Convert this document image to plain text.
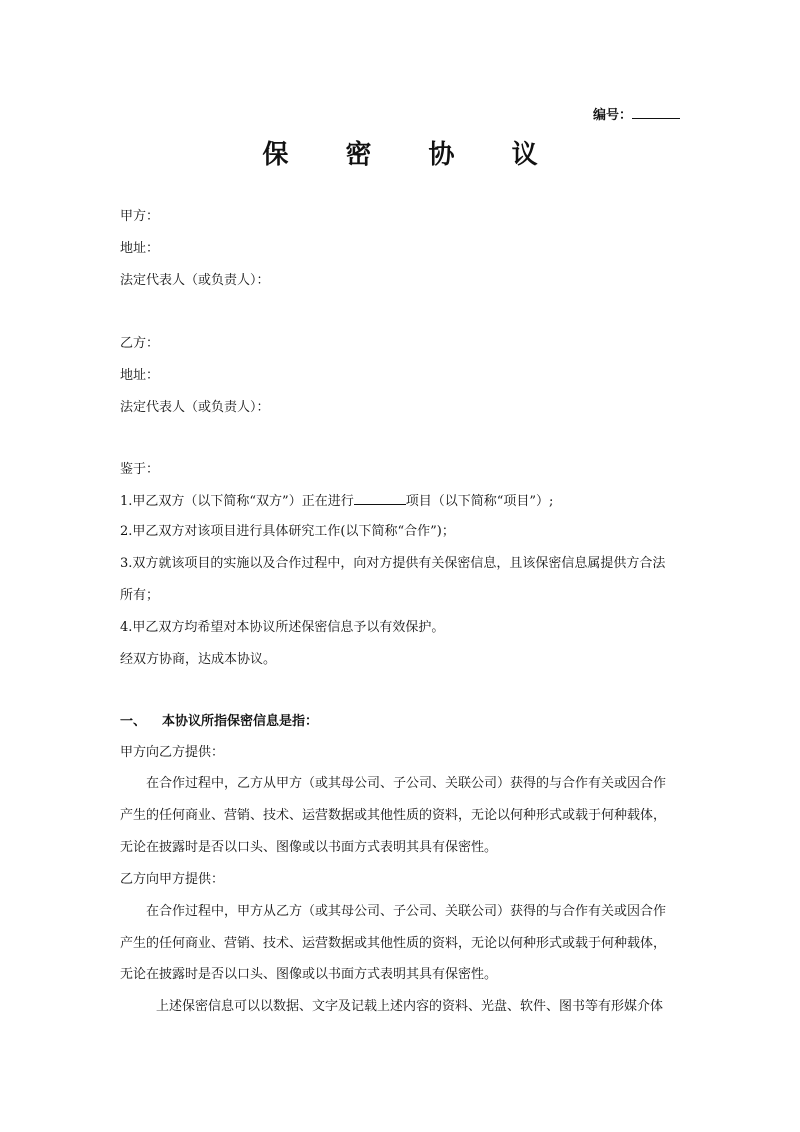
编号：
保 密 协 议

甲方：

地址：

法定代表人（或负责人）：

乙方：

地址：

法定代表人（或负责人）：

鉴于：

1.甲乙双方（以下简称“双方”）正在进行	项目（以下简称“项目”）;

2.甲乙双方对该项目进行具体研究工作(以下简称“合作”)；

3.双方就该项目的实施以及合作过程中，向对方提供有关保密信息，且该保密信息属提供方合法

所有；

4.甲乙双方均希望对本协议所述保密信息予以有效保护。

经双方协商，达成本协议。

一、 本协议所指保密信息是指：

甲方向乙方提供：

在合作过程中，乙方从甲方（或其母公司、子公司、关联公司）获得的与合作有关或因合作

产生的任何商业、营销、技术、运营数据或其他性质的资料，无论以何种形式或载于何种载体，

无论在披露时是否以口头、图像或以书面方式表明其具有保密性。

乙方向甲方提供：

在合作过程中，甲方从乙方（或其母公司、子公司、关联公司）获得的与合作有关或因合作

产生的任何商业、营销、技术、运营数据或其他性质的资料，无论以何种形式或载于何种载体，

无论在披露时是否以口头、图像或以书面方式表明其具有保密性。

上述保密信息可以以数据、文字及记载上述内容的资料、光盘、软件、图书等有形媒介体
